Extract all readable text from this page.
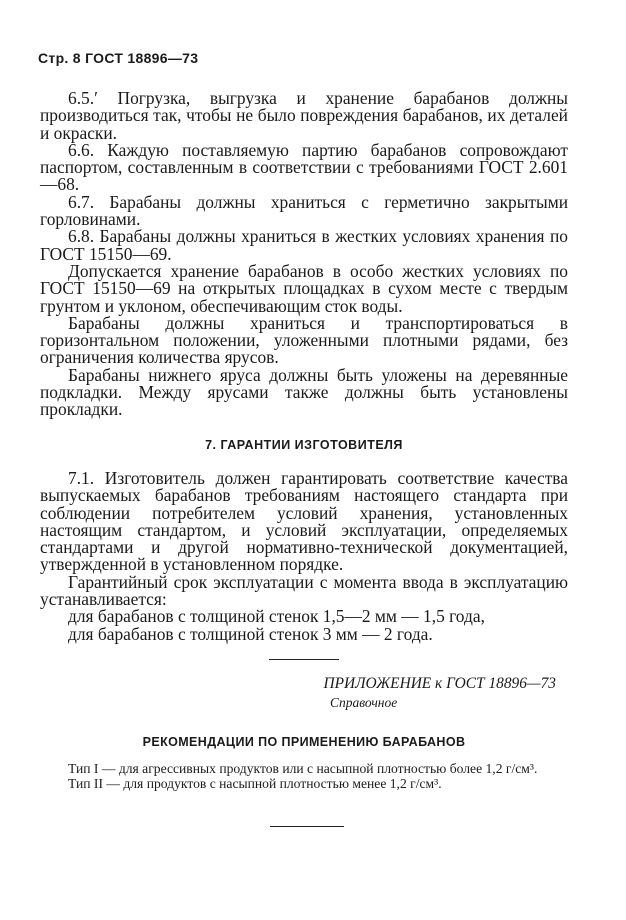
Стр. 8 ГОСТ 18896—73

6.5.′ Погрузка, выгрузка и хранение барабанов должны производиться так, чтобы не было повреждения барабанов, их деталей и окраски.

6.6. Каждую поставляемую партию барабанов сопровождают паспортом, составленным в соответствии с требованиями ГОСТ 2.601—68.

6.7. Барабаны должны храниться с герметично закрытыми горловинами.

6.8. Барабаны должны храниться в жестких условиях хранения по ГОСТ 15150—69.

Допускается хранение барабанов в особо жестких условиях по ГОСТ 15150—69 на открытых площадках в сухом месте с твердым грунтом и уклоном, обеспечивающим сток воды.

Барабаны должны храниться и транспортироваться в горизонтальном положении, уложенными плотными рядами, без ограничения количества ярусов.

Барабаны нижнего яруса должны быть уложены на деревянные подкладки. Между ярусами также должны быть установлены прокладки.

7. ГАРАНТИИ ИЗГОТОВИТЕЛЯ

7.1. Изготовитель должен гарантировать соответствие качества выпускаемых барабанов требованиям настоящего стандарта при соблюдении потребителем условий хранения, установленных настоящим стандартом, и условий эксплуатации, определяемых стандартами и другой нормативно-технической документацией, утвержденной в установленном порядке.

Гарантийный срок эксплуатации с момента ввода в эксплуатацию устанавливается:

для барабанов с толщиной стенок 1,5—2 мм — 1,5 года,

для барабанов с толщиной стенок 3 мм — 2 года.

ПРИЛОЖЕНИЕ к ГОСТ 18896—73
Справочное
РЕКОМЕНДАЦИИ ПО ПРИМЕНЕНИЮ БАРАБАНОВ

Тип I — для агрессивных продуктов или с насыпной плотностью более 1,2 г/см³.

Тип II — для продуктов с насыпной плотностью менее 1,2 г/см³.
